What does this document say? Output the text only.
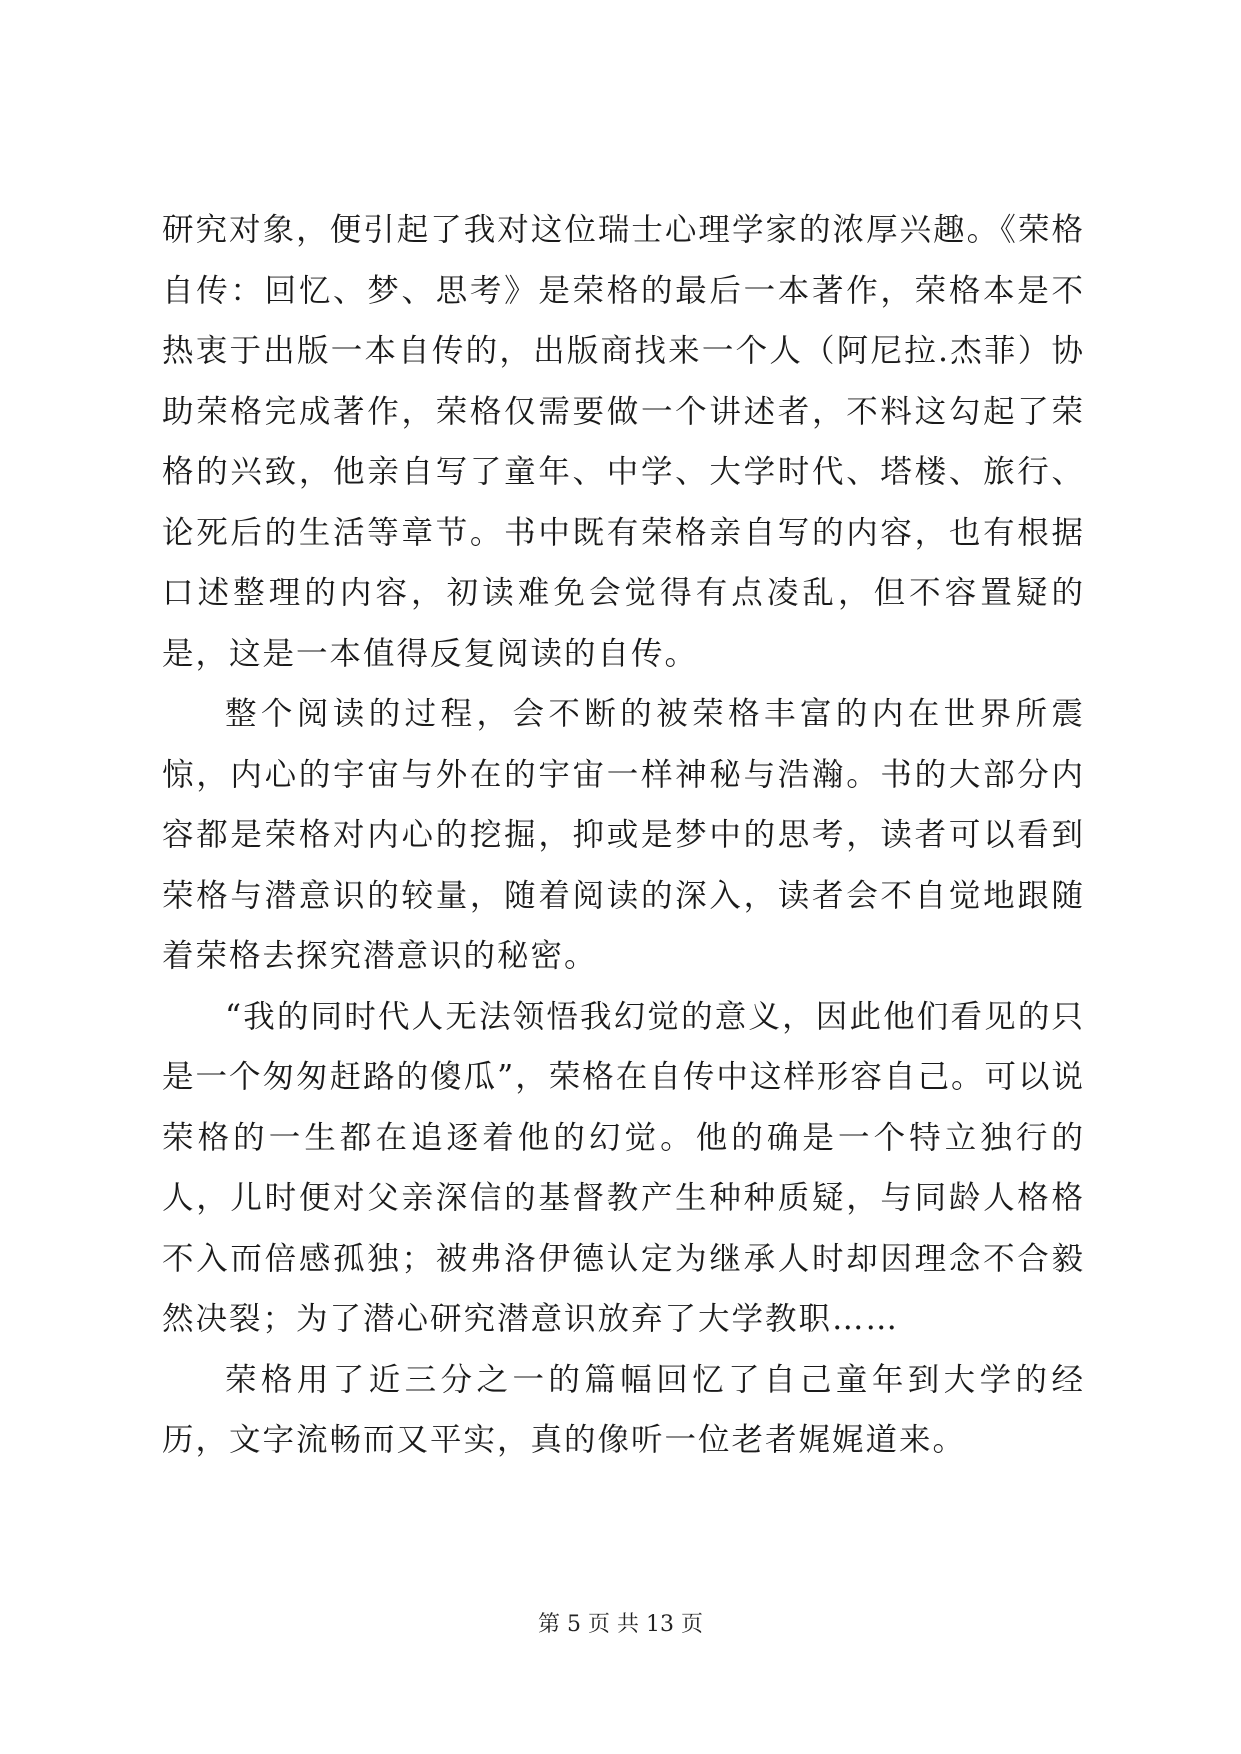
研究对象，便引起了我对这位瑞士心理学家的浓厚兴趣。《荣格自传：回忆、梦、思考》是荣格的最后一本著作，荣格本是不热衷于出版一本自传的，出版商找来一个人（阿尼拉.杰菲）协助荣格完成著作，荣格仅需要做一个讲述者，不料这勾起了荣格的兴致，他亲自写了童年、中学、大学时代、塔楼、旅行、论死后的生活等章节。书中既有荣格亲自写的内容，也有根据口述整理的内容，初读难免会觉得有点凌乱，但不容置疑的是，这是一本值得反复阅读的自传。

整个阅读的过程，会不断的被荣格丰富的内在世界所震惊，内心的宇宙与外在的宇宙一样神秘与浩瀚。书的大部分内容都是荣格对内心的挖掘，抑或是梦中的思考，读者可以看到荣格与潜意识的较量，随着阅读的深入，读者会不自觉地跟随着荣格去探究潜意识的秘密。

“我的同时代人无法领悟我幻觉的意义，因此他们看见的只是一个匆匆赶路的傻瓜”，荣格在自传中这样形容自己。可以说荣格的一生都在追逐着他的幻觉。他的确是一个特立独行的人，儿时便对父亲深信的基督教产生种种质疑，与同龄人格格不入而倍感孤独；被弗洛伊德认定为继承人时却因理念不合毅然决裂；为了潜心研究潜意识放弃了大学教职……

荣格用了近三分之一的篇幅回忆了自己童年到大学的经历，文字流畅而又平实，真的像听一位老者娓娓道来。

第 5 页 共 13 页
